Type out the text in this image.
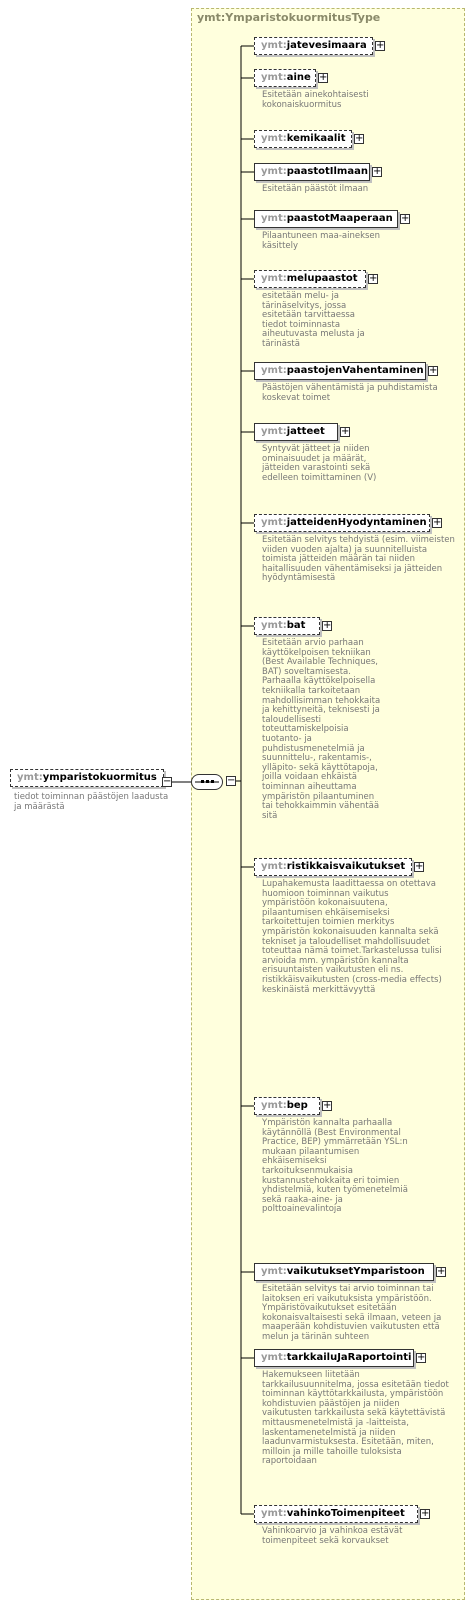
ymt:YmparistokuormitusType
ymt:ymparistokuormitus −
tiedot toiminnan päästöjen laadusta ja määrästä
−
ymt:jatevesimaara +
ymt:aine +
Esitetään ainekohtaisesti kokonaiskuormitus
ymt:kemikaalit +
ymt:paastotIlmaan +
Esitetään päästöt ilmaan
ymt:paastotMaaperaan +
Pilaantuneen maa-aineksen käsittely
ymt:melupaastot	+
esitetään melu- ja tärinäselvitys, jossa esitetään tarvittaessa tiedot toiminnasta aiheutuvasta melusta ja tärinästä
ymt:paastojenVahentaminen +
Päästöjen vähentämistä ja puhdistamista koskevat toimet
ymt:jatteet	+
Syntyvät jätteet ja niiden ominaisuudet ja määrät, jätteiden varastointi sekä edelleen toimittaminen (V)
ymt:jatteidenHyodyntaminen +
Esitetään selvitys tehdyistä (esim. viimeisten viiden vuoden ajalta) ja suunnitelluista toimista jätteiden määrän tai niiden haitallisuuden vähentämiseksi ja jätteiden hyödyntämisestä
ymt:bat	+
Esitetään arvio parhaan käyttökelpoisen tekniikan (Best Available Techniques, BAT) soveltamisesta. Parhaalla käyttökelpoisella tekniikalla tarkoitetaan mahdollisimman tehokkaita ja kehittyneitä, teknisesti ja taloudellisesti toteuttamiskelpoisia tuotanto- ja puhdistusmenetelmiä ja suunnittelu-, rakentamis-, ylläpito- sekä käyttötapoja, joilla voidaan ehkäistä toiminnan aiheuttama ympäristön pilaantuminen tai tehokkaimmin vähentää sitä
ymt:ristikkaisvaikutukset +
Lupahakemusta laadittaessa on otettava huomioon toiminnan vaikutus ympäristöön kokonaisuutena, pilaantumisen ehkäisemiseksi tarkoitettujen toimien merkitys ympäristön kokonaisuuden kannalta sekä tekniset ja taloudelliset mahdollisuudet toteuttaa nämä toimet.Tarkastelussa tulisi arvioida mm. ympäristön kannalta erisuuntaisten vaikutusten eli ns. ristikkäisvaikutusten (cross-media effects) keskinäistä merkittävyyttä
ymt:bep	+
Ympäristön kannalta parhaalla käytännöllä (Best Environmental Practice, BEP) ymmärretään YSL:n mukaan pilaantumisen ehkäisemiseksi tarkoituksenmukaisia kustannustehokkaita eri toimien yhdistelmiä, kuten työmenetelmiä sekä raaka-aine- ja polttoainevalintoja
ymt:vaikutuksetYmparistoon	+
Esitetään selvitys tai arvio toiminnan tai laitoksen eri vaikutuksista ympäristöön. Ympäristövaikutukset esitetään kokonaisvaltaisesti sekä ilmaan, veteen ja maaperään kohdistuvien vaikutusten että melun ja tärinän suhteen
ymt:tarkkailuJaRaportointi +
Hakemukseen liitetään tarkkailusuunnitelma, jossa esitetään tiedot toiminnan käyttötarkkailusta, ympäristöön kohdistuvien päästöjen ja niiden vaikutusten tarkkailusta sekä käytettävistä mittausmenetelmistä ja -laitteista, laskentamenetelmistä ja niiden laadunvarmistuksesta. Esitetään, miten, milloin ja mille tahoille tuloksista raportoidaan
ymt:vahinkoToimenpiteet	+
Vahinkoarvio ja vahinkoa estävät toimenpiteet sekä korvaukset
